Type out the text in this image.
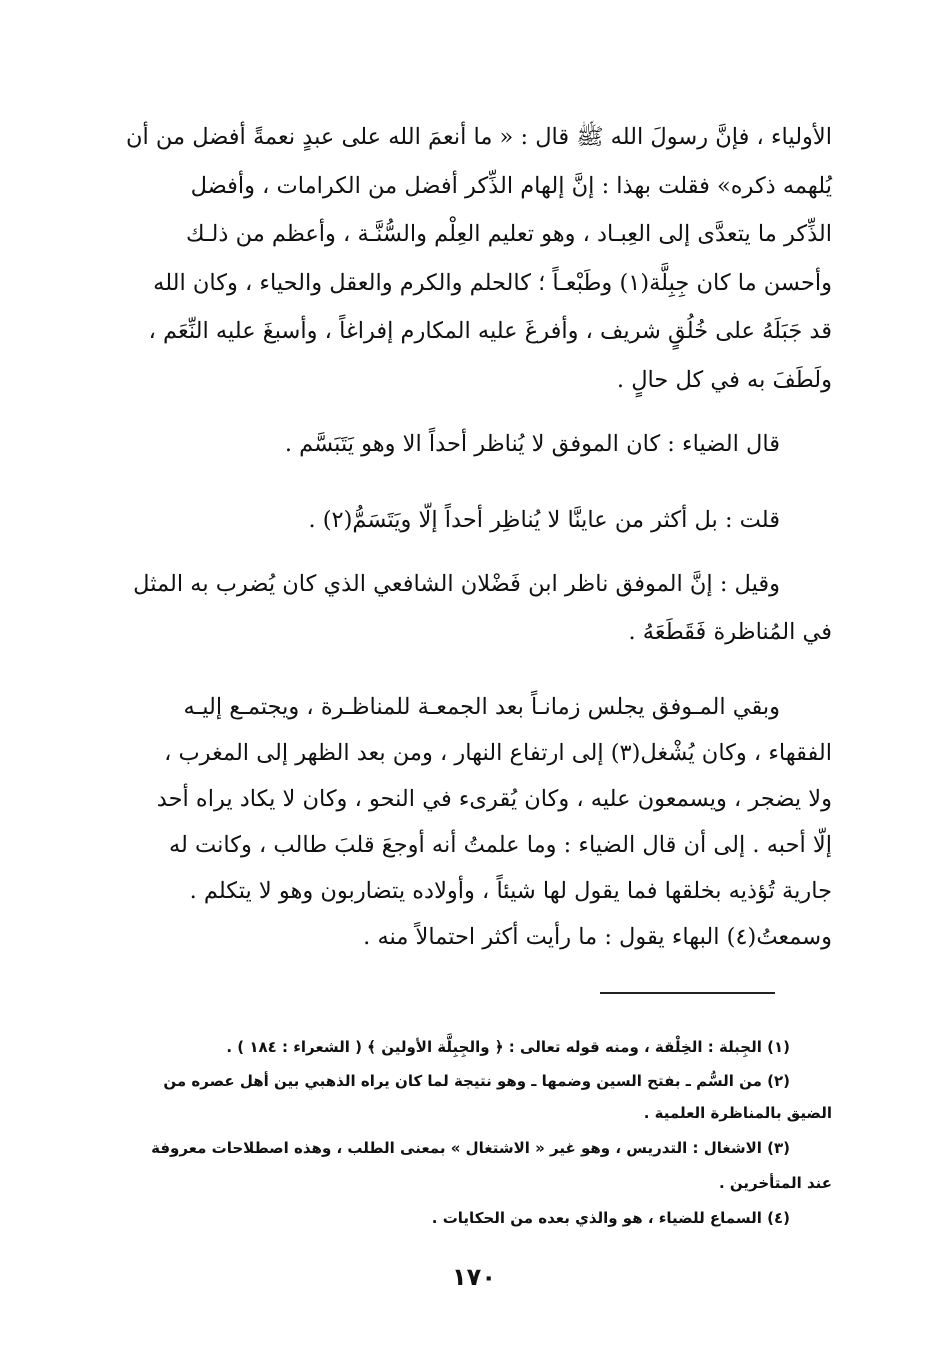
الأولياء ، فإنَّ رسولَ الله ﷺ قال : « ما أنعمَ الله على عبدٍ نعمةً أفضل من أن
يُلهمه ذكره» فقلت بهذا : إنَّ إلهام الذِّكر أفضل من الكرامات ، وأفضل
الذِّكر ما يتعدَّى إلى العِبـاد ، وهو تعليم العِلْم والسُّنَّـة ، وأعظم من ذلـك
وأحسن ما كان جِبِلَّة(١) وطَبْعـاً ؛ كالحلم والكرم والعقل والحياء ، وكان الله
قد جَبَلَهُ على خُلُقٍ شريف ، وأفرغَ عليه المكارم إفراغاً ، وأسبغَ عليه النِّعَم ،
ولَطَفَ به في كل حالٍ .
قال الضياء : كان الموفق لا يُناظر أحداً الا وهو يَتَبَسَّم .
قلت : بل أكثر من عاينَّا لا يُناظِر أحداً إلّا ويَتَسَمُّ(٢) .
وقيل : إنَّ الموفق ناظر ابن فَضْلان الشافعي الذي كان يُضرب به المثل
في المُناظرة فَقَطَعَهُ .
وبقي المـوفق يجلس زمانـاً بعد الجمعـة للمناظـرة ، ويجتمـع إليـه
الفقهاء ، وكان يُشْغل(٣) إلى ارتفاع النهار ، ومن بعد الظهر إلى المغرب ،
ولا يضجر ، ويسمعون عليه ، وكان يُقرىء في النحو ، وكان لا يكاد يراه أحد
إلّا أحبه . إلى أن قال الضياء : وما علمتُ أنه أوجعَ قلبَ طالب ، وكانت له
جارية تُؤذيه بخلقها فما يقول لها شيئاً ، وأولاده يتضاربون وهو لا يتكلم .
وسمعتُ(٤) البهاء يقول : ما رأيت أكثر احتمالاً منه .
(١) الجِبلة : الخِلْقة ، ومنه قوله تعالى : ﴿ والجِبِلَّة الأولين ﴾ ( الشعراء : ١٨٤ ) .
(٢) من السُّم ـ بفتح السين وضمها ـ وهو نتيجة لما كان يراه الذهبي بين أهل عصره من
الضيق بالمناظرة العلمية .
(٣) الاشغال : التدريس ، وهو غير « الاشتغال » بمعنى الطلب ، وهذه اصطلاحات معروفة
عند المتأخرين .
(٤) السماع للضياء ، هو والذي بعده من الحكايات .
١٧٠
